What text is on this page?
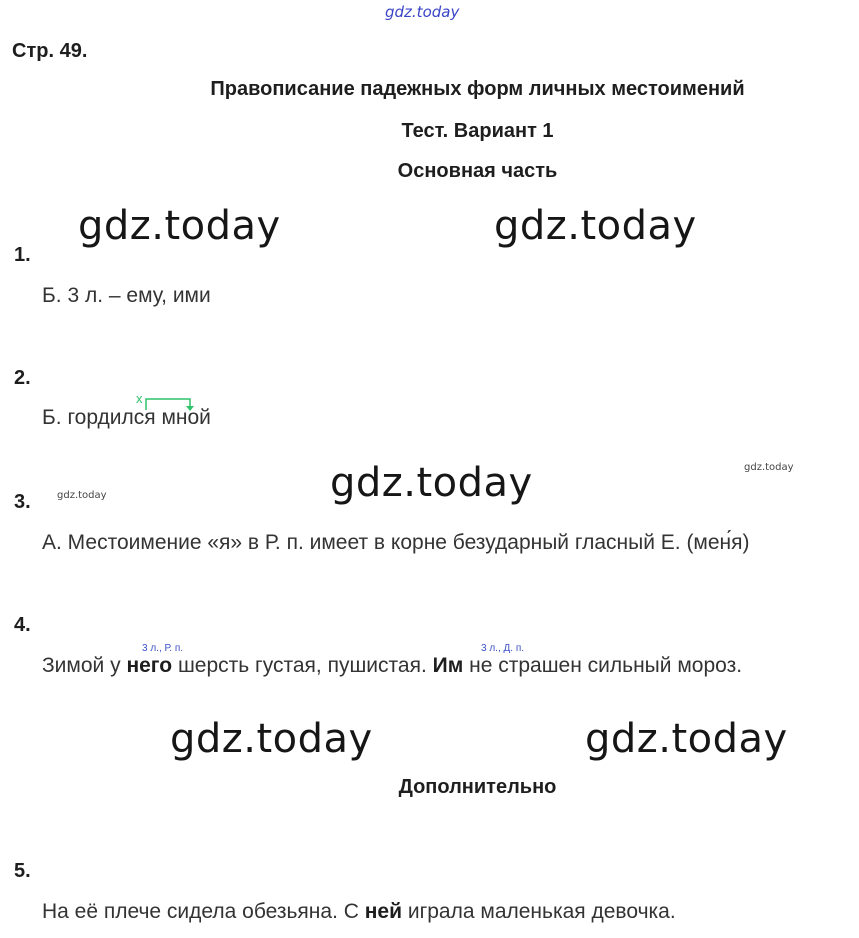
gdz.today
Стр. 49.
Правописание падежных форм личных местоимений
Тест. Вариант 1
Основная часть
gdz.today	gdz.today
1.
Б. 3 л. – ему, ими
2.
х
Б. гордился мной
gdz.today	gdz.today
gdz.today
3.
А. Местоимение «я» в Р. п. имеет в корне безударный гласный Е. (мен́я)
4.
3 л., Р. п.	3 л., Д. п.
Зимой у него шерсть густая, пушистая. Им не страшен сильный мороз.
gdz.today	gdz.today
Дополнительно
5.
На её плече сидела обезьяна. С ней играла маленькая девочка.
